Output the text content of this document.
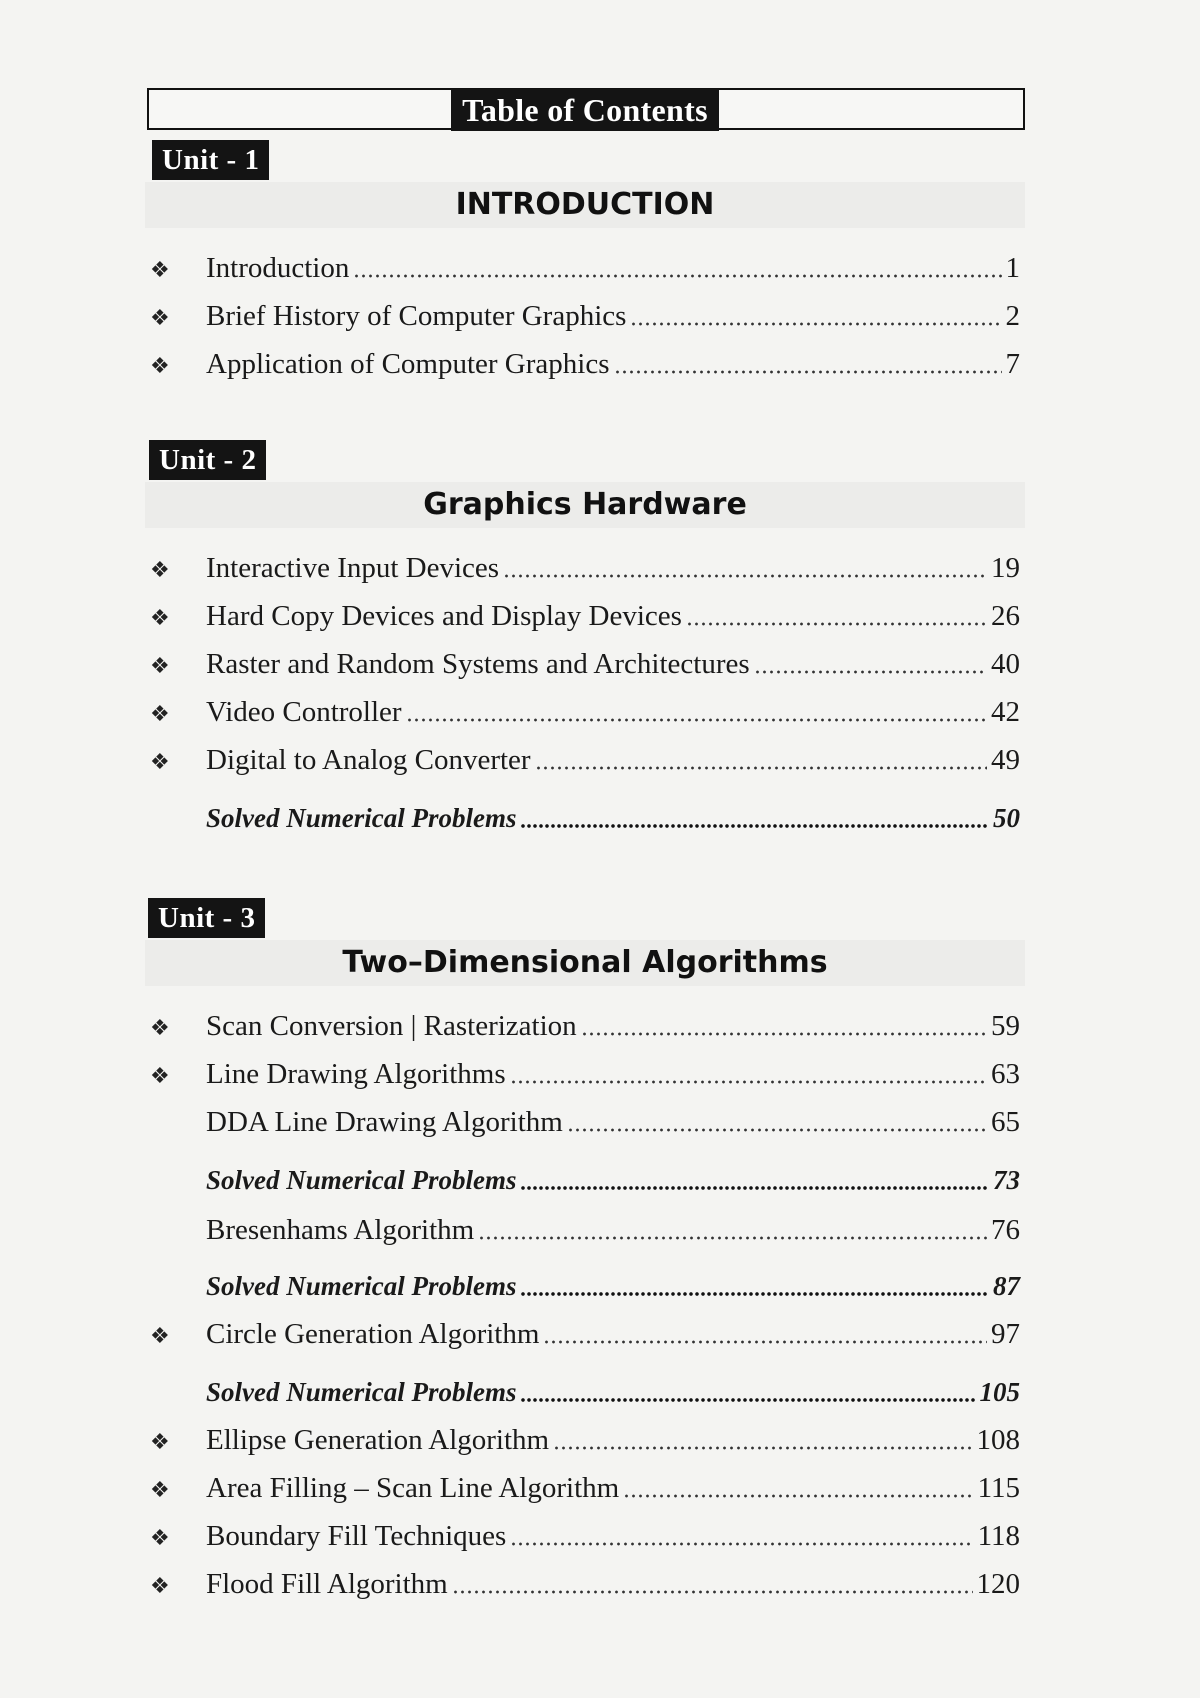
Table of Contents
Unit - 1
INTRODUCTION
❖	Introduction	1
❖	Brief History of Computer Graphics	2
❖	Application of Computer Graphics	7
Unit - 2
Graphics Hardware
❖	Interactive Input Devices	19
❖	Hard Copy Devices and Display Devices	26
❖	Raster and Random Systems and Architectures	40
❖	Video Controller	42
❖	Digital to Analog Converter	49
Solved Numerical Problems	50
Unit - 3
Two–Dimensional Algorithms
❖	Scan Conversion | Rasterization	59
❖	Line Drawing Algorithms	63
DDA Line Drawing Algorithm	65
Solved Numerical Problems	73
Bresenhams Algorithm	76
Solved Numerical Problems	87
❖	Circle Generation Algorithm	97
Solved Numerical Problems	105
❖	Ellipse Generation Algorithm	108
❖	Area Filling – Scan Line Algorithm	115
❖	Boundary Fill Techniques	118
❖	Flood Fill Algorithm	120
